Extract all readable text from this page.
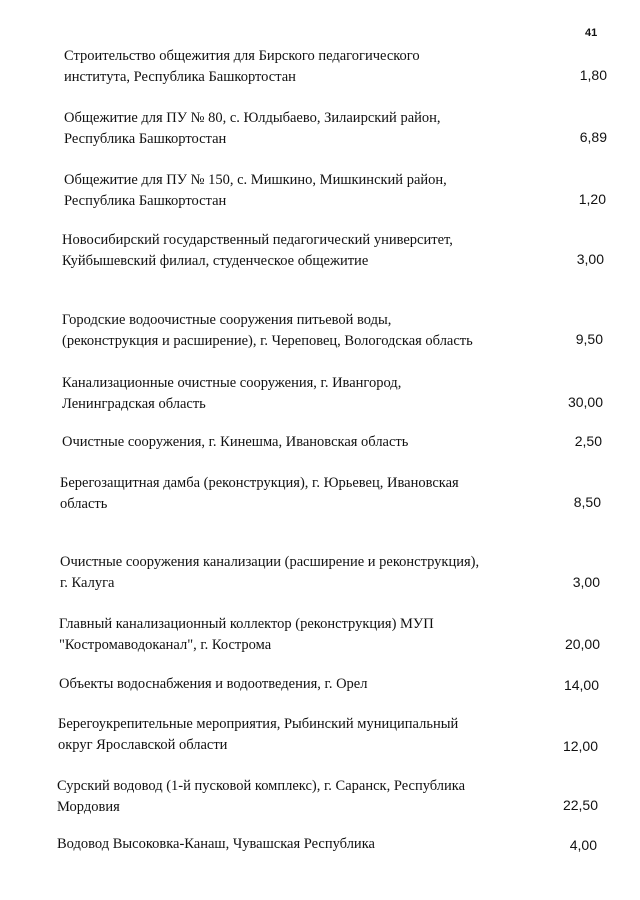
41
Строительство общежития для Бирского педагогического
института, Республика Башкортостан	1,80
Общежитие для ПУ № 80, с. Юлдыбаево, Зилаирский район,
Республика Башкортостан	6,89
Общежитие для ПУ № 150, с. Мишкино, Мишкинский район,
Республика Башкортостан	1,20
Новосибирский государственный педагогический университет,
Куйбышевский филиал, студенческое общежитие	3,00
Городские водоочистные сооружения питьевой воды,
(реконструкция и расширение), г. Череповец, Вологодская область	9,50
Канализационные очистные сооружения, г. Ивангород,
Ленинградская область	30,00
Очистные сооружения, г. Кинешма, Ивановская область	2,50
Берегозащитная дамба (реконструкция), г. Юрьевец, Ивановская
область	8,50
Очистные сооружения канализации (расширение и реконструкция),
г. Калуга	3,00
Главный канализационный коллектор (реконструкция) МУП
"Костромаводоканал", г. Кострома	20,00
Объекты водоснабжения и водоотведения, г. Орел	14,00
Берегоукрепительные мероприятия, Рыбинский муниципальный
округ Ярославской области	12,00
Сурский водовод (1-й пусковой комплекс), г. Саранск, Республика
Мордовия	22,50
Водовод Высоковка-Канаш, Чувашская Республика	4,00
